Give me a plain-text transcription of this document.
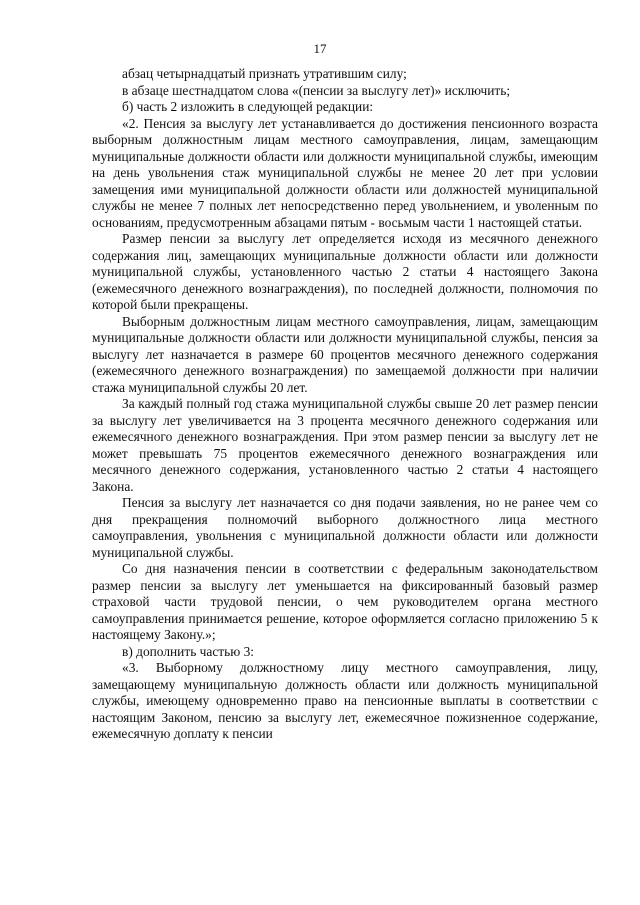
17

абзац четырнадцатый признать утратившим силу;

в абзаце шестнадцатом слова «(пенсии за выслугу лет)» исключить;

б) часть 2 изложить в следующей редакции:

«2. Пенсия за выслугу лет устанавливается до достижения пенсионного возраста выборным должностным лицам местного самоуправления, лицам, замещающим муниципальные должности области или должности муниципальной службы, имеющим на день увольнения стаж муниципальной службы не менее 20 лет при условии замещения ими муниципальной должности области или должностей муниципальной службы не менее 7 полных лет непосредственно перед увольнением, и уволенным по основаниям, предусмотренным абзацами пятым - восьмым части 1 настоящей статьи.

Размер пенсии за выслугу лет определяется исходя из месячного денежного содержания лиц, замещающих муниципальные должности области или должности муниципальной службы, установленного частью 2 статьи 4 настоящего Закона (ежемесячного денежного вознаграждения), по последней должности, полномочия по которой были прекращены.

Выборным должностным лицам местного самоуправления, лицам, замещающим муниципальные должности области или должности муниципальной службы, пенсия за выслугу лет назначается в размере 60 процентов месячного денежного содержания (ежемесячного денежного вознаграждения) по замещаемой должности при наличии стажа муниципальной службы 20 лет.

За каждый полный год стажа муниципальной службы свыше 20 лет размер пенсии за выслугу лет увеличивается на 3 процента месячного денежного содержания или ежемесячного денежного вознаграждения. При этом размер пенсии за выслугу лет не может превышать 75 процентов ежемесячного денежного вознаграждения или месячного денежного содержания, установленного частью 2 статьи 4 настоящего Закона.

Пенсия за выслугу лет назначается со дня подачи заявления, но не ранее чем со дня прекращения полномочий выборного должностного лица местного самоуправления, увольнения с муниципальной должности области или должности муниципальной службы.

Со дня назначения пенсии в соответствии с федеральным законодательством размер пенсии за выслугу лет уменьшается на фиксированный базовый размер страховой части трудовой пенсии, о чем руководителем органа местного самоуправления принимается решение, которое оформляется согласно приложению 5 к настоящему Закону.»;

в) дополнить частью 3:

«3. Выборному должностному лицу местного самоуправления, лицу, замещающему муниципальную должность области или должность муниципальной службы, имеющему одновременно право на пенсионные выплаты в соответствии с настоящим Законом, пенсию за выслугу лет, ежемесячное пожизненное содержание, ежемесячную доплату к пенсии
